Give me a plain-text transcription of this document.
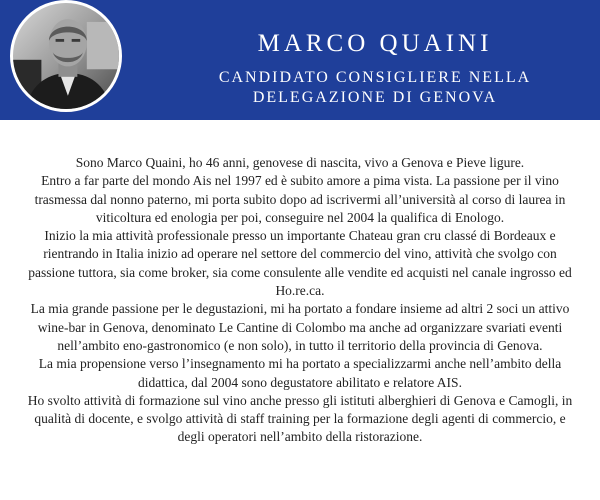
MARCO QUAINI
CANDIDATO CONSIGLIERE NELLA
DELEGAZIONE DI GENOVA

Sono Marco Quaini, ho 46 anni, genovese di nascita, vivo a Genova e Pieve ligure.

Entro a far parte del mondo Ais nel 1997 ed è subito amore a pima vista. La passione per il vino trasmessa dal nonno paterno, mi porta subito dopo ad iscrivermi all’università al corso di laurea in viticoltura ed enologia per poi, conseguire nel 2004 la qualifica di Enologo.

Inizio la mia attività professionale presso un importante Chateau gran cru classé di Bordeaux e rientrando in Italia inizio ad operare nel settore del commercio del vino, attività che svolgo con passione tuttora, sia come broker, sia come consulente alle vendite ed acquisti nel canale ingrosso ed Ho.re.ca.

La mia grande passione per le degustazioni, mi ha portato a fondare insieme ad altri 2 soci un attivo wine-bar in Genova, denominato Le Cantine di Colombo ma anche ad organizzare svariati eventi nell’ambito eno-gastronomico (e non solo), in tutto il territorio della provincia di Genova.

La mia propensione verso l’insegnamento mi ha portato a specializzarmi anche nell’ambito della didattica, dal 2004 sono degustatore abilitato e relatore AIS.

Ho svolto attività di formazione sul vino anche presso gli istituti alberghieri di Genova e Camogli, in qualità di docente, e svolgo attività di staff training per la formazione degli agenti di commercio, e degli operatori nell’ambito della ristorazione.
